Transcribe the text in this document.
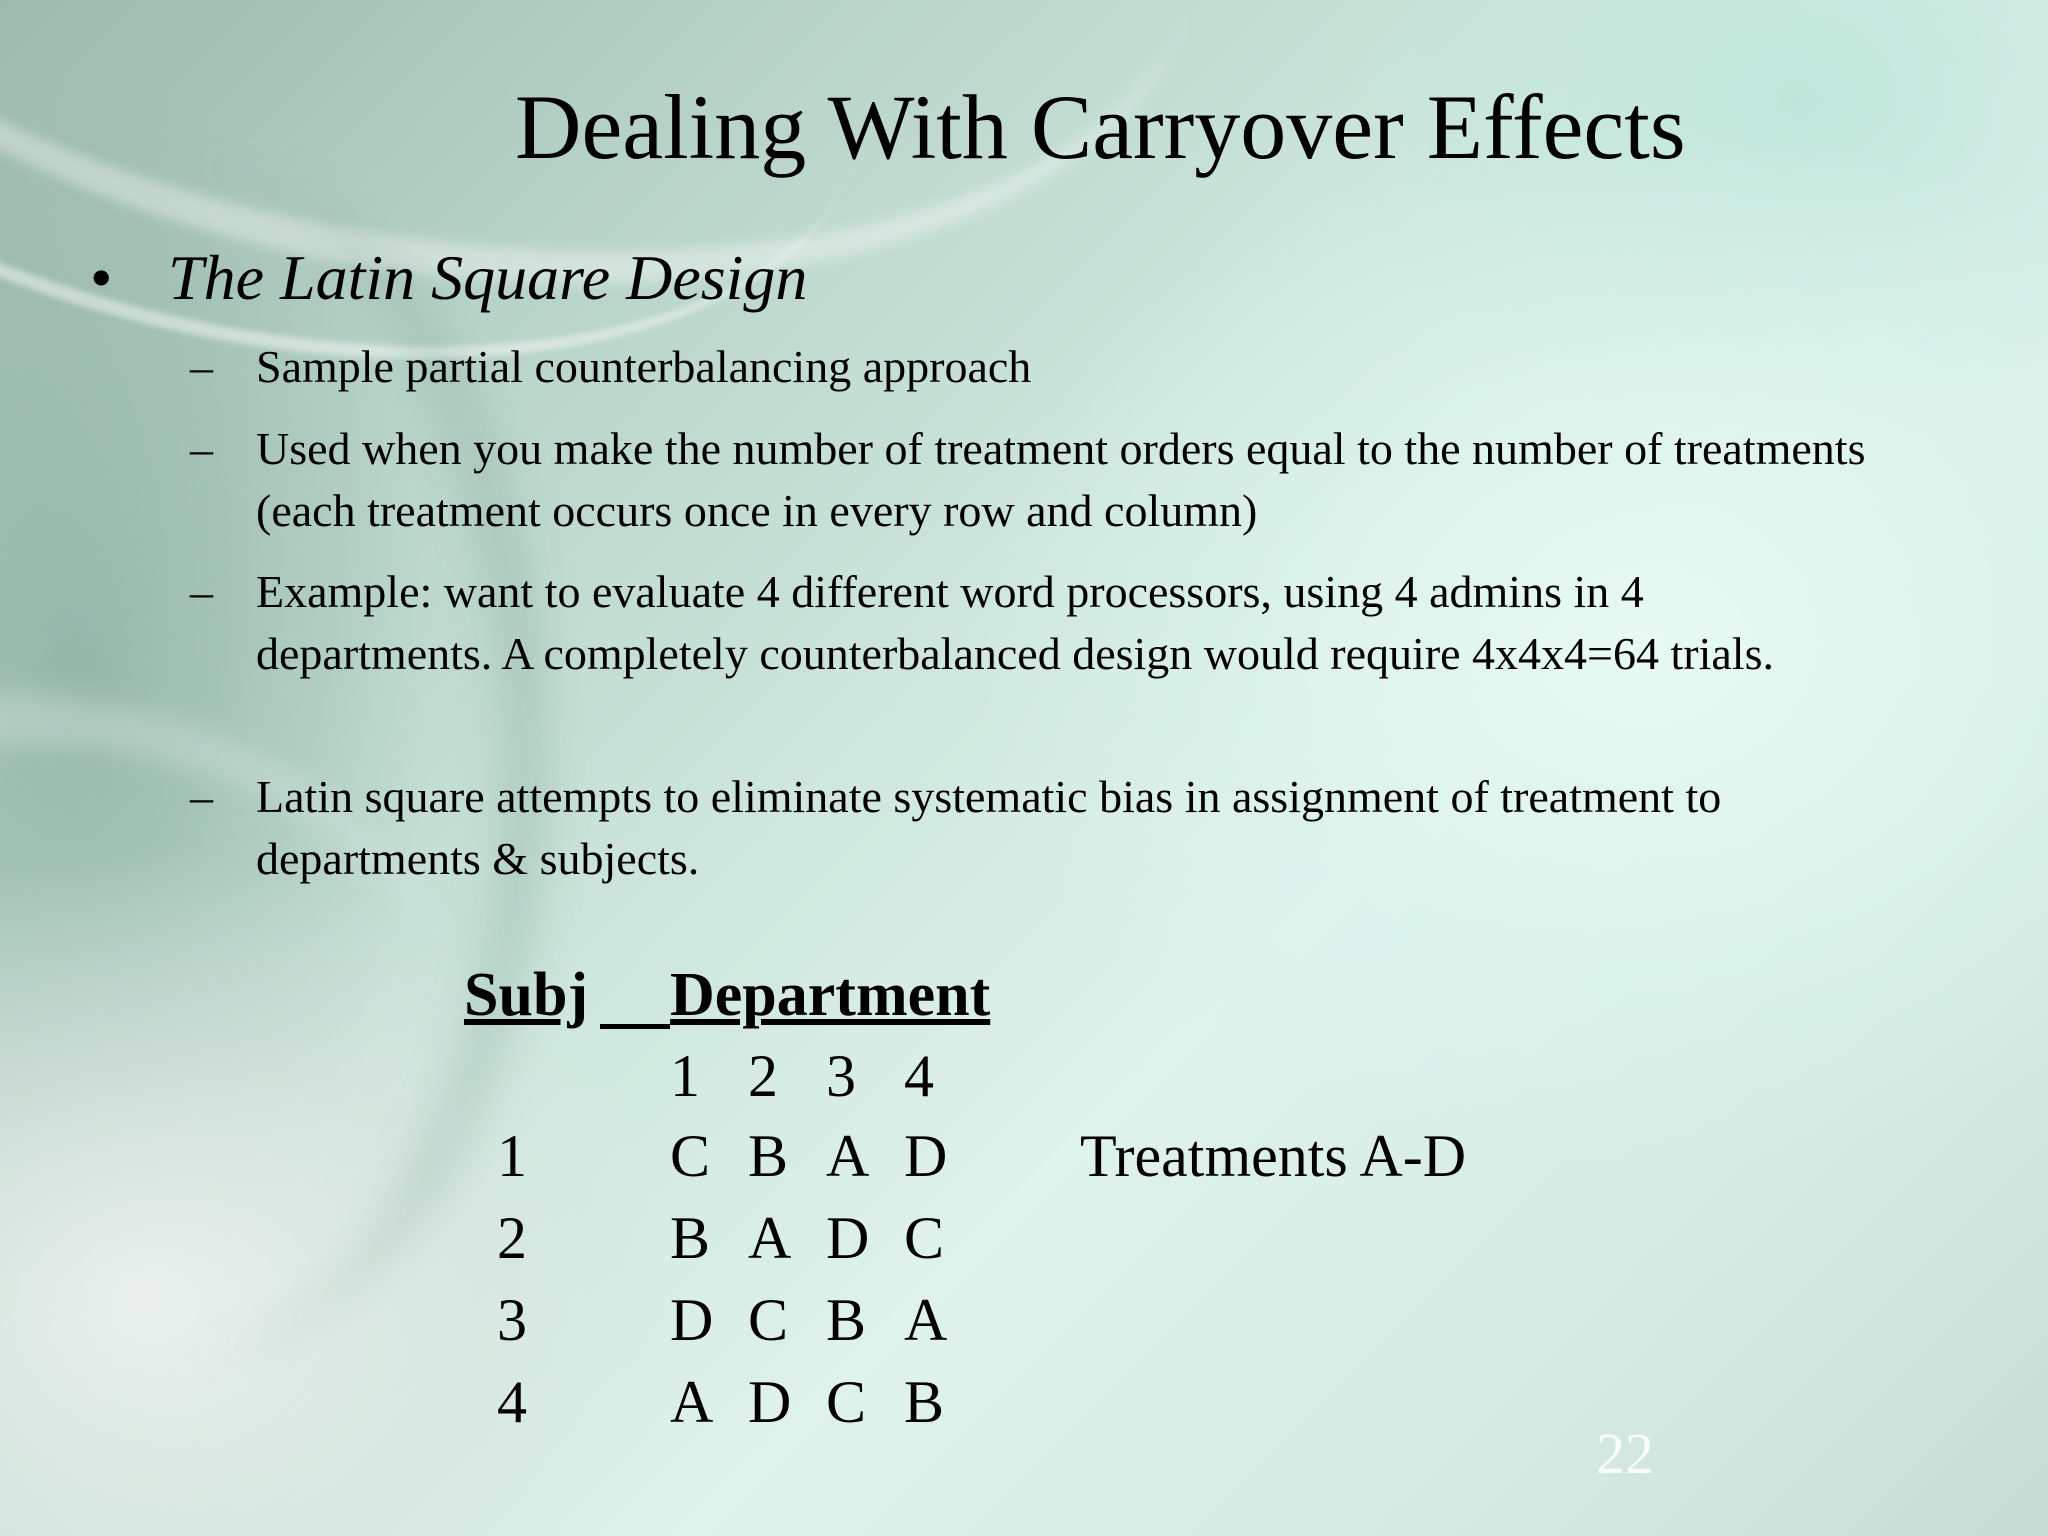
Dealing With Carryover Effects
• The Latin Square Design
– Sample partial counterbalancing approach
– Used when you make the number of treatment orders equal to the number of treatments (each treatment occurs once in every row and column)
– Example: want to evaluate 4 different word processors, using 4 admins in 4 departments. A completely counterbalanced design would require 4x4x4=64 trials.
– Latin square attempts to eliminate systematic bias in assignment of treatment to departments & subjects.
Subj Department
1 2 3 4
1 C B A D
2 B A D C
3 D C B A
4 A D C B
Treatments A-D
22
